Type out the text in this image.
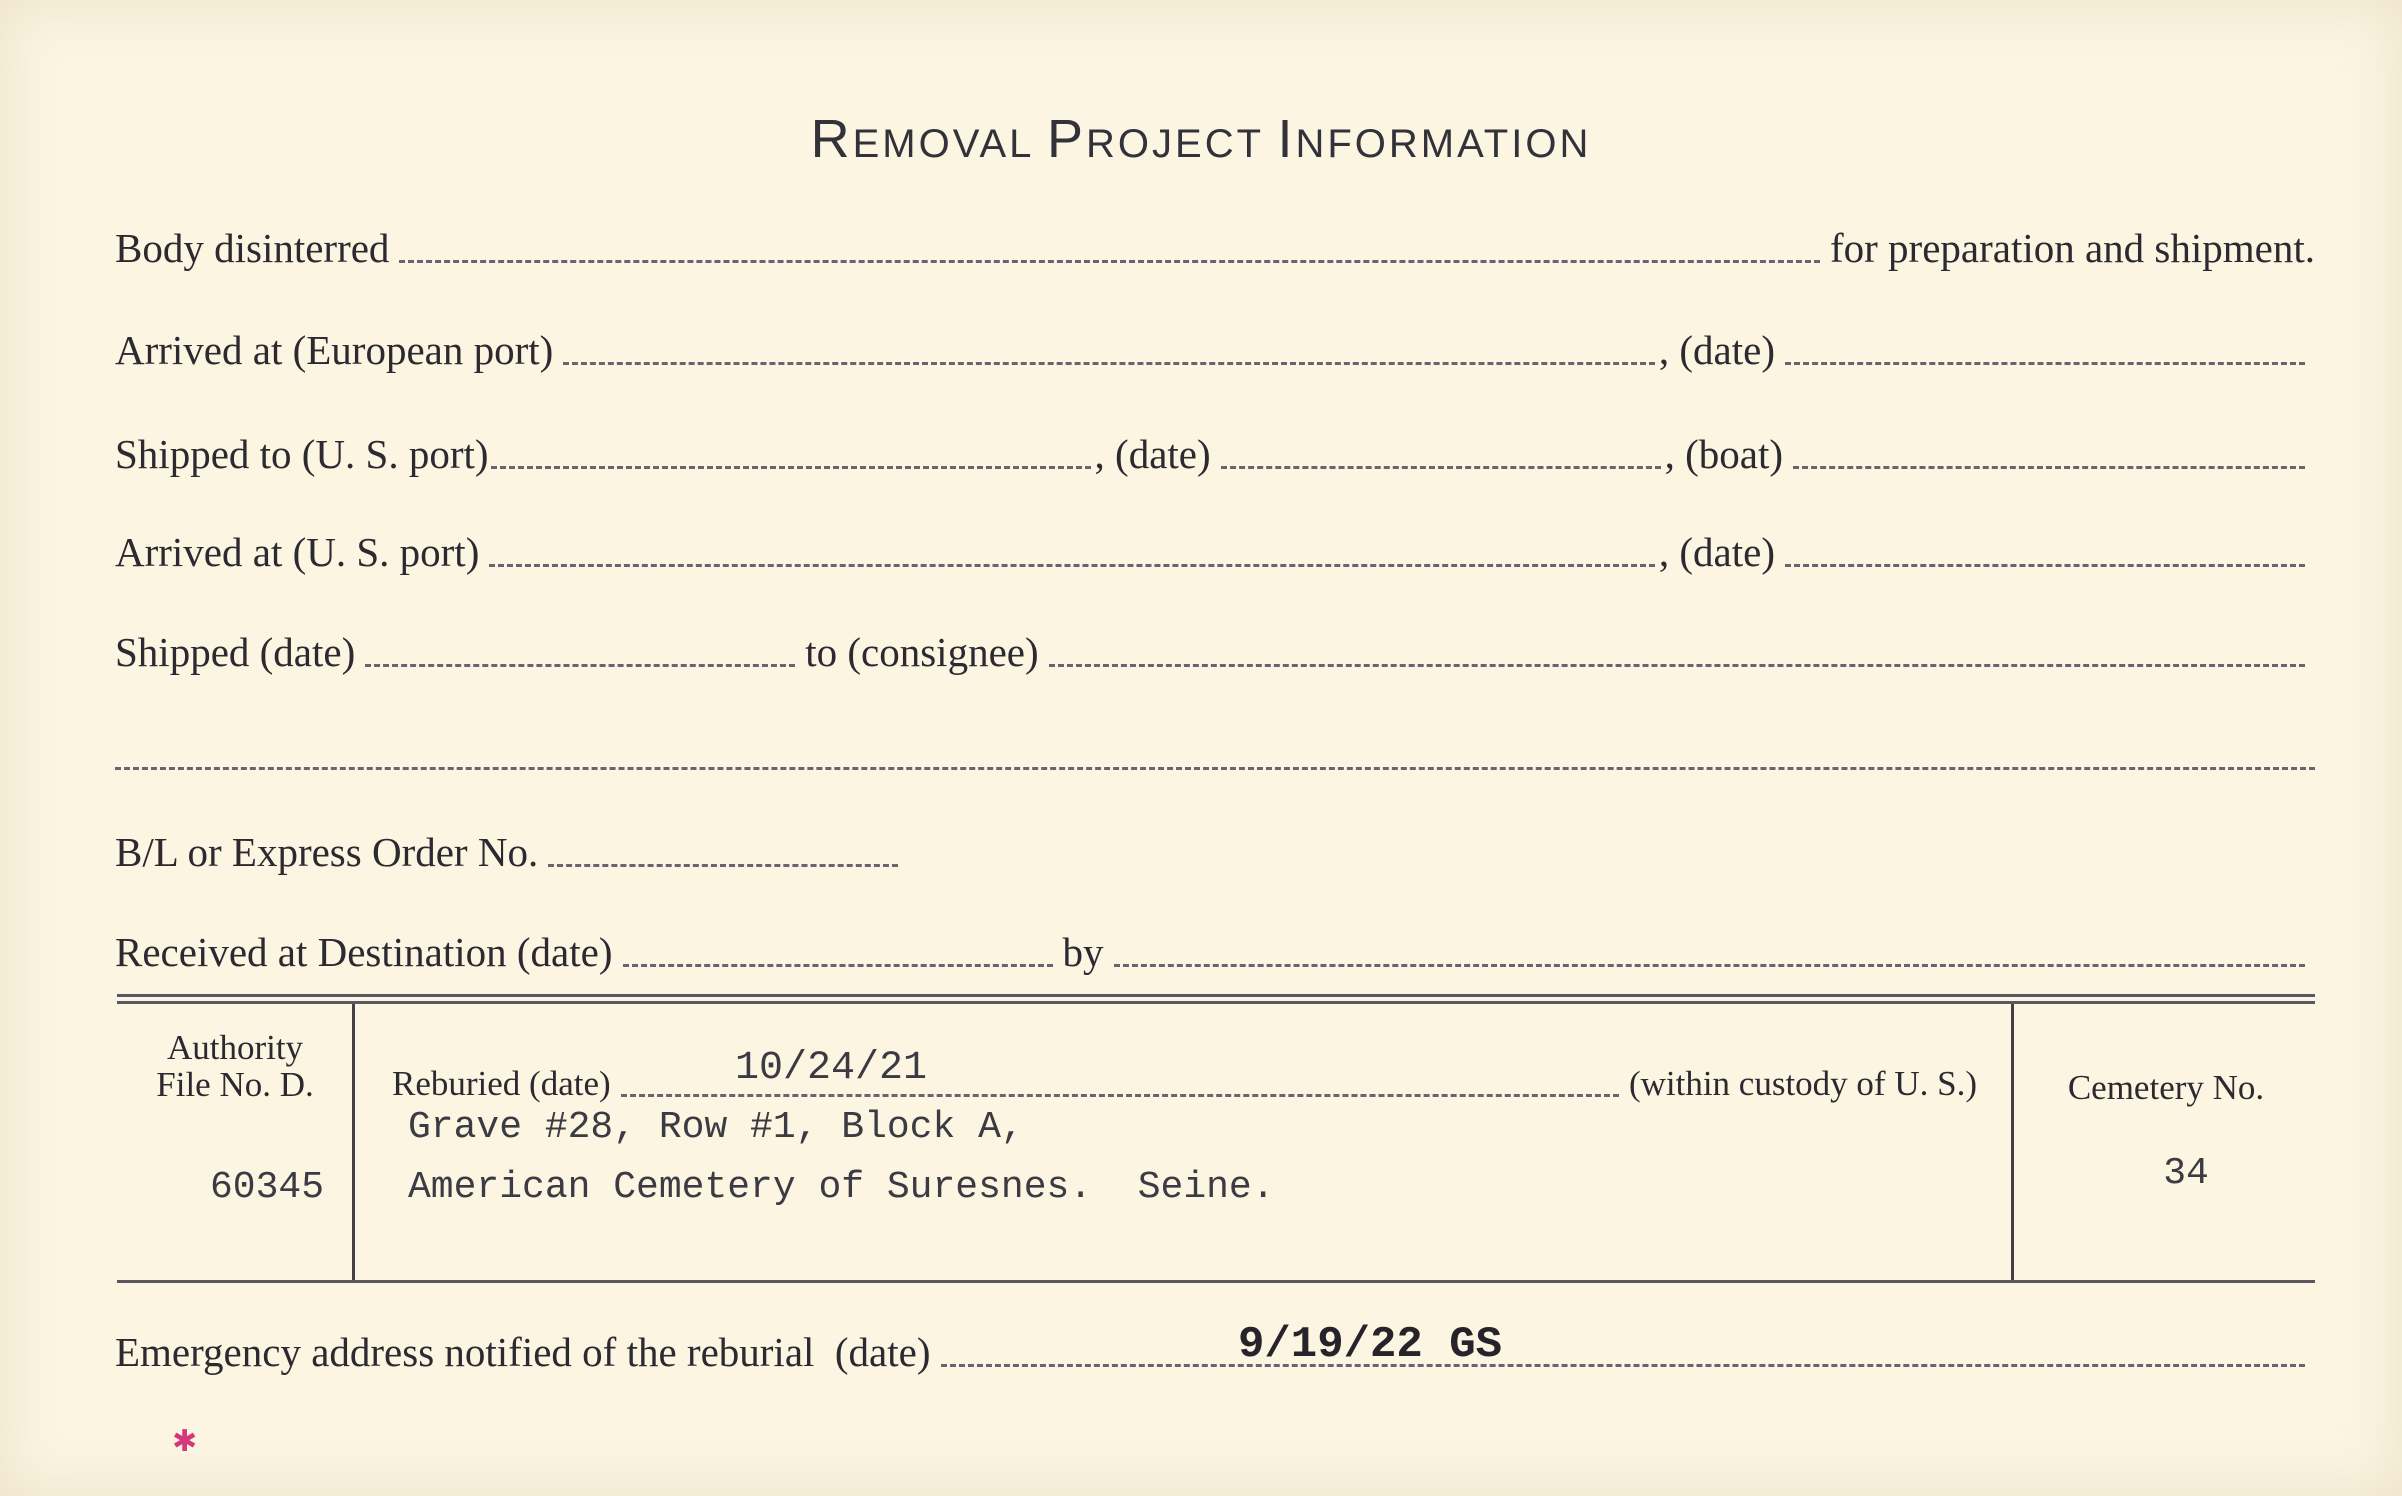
REMOVAL PROJECT INFORMATION
Body disinterred	for preparation and shipment.
Arrived at (European port)	, (date)
Shipped to (U. S. port)	, (date)	, (boat)
Arrived at (U. S. port)	, (date)
Shipped (date)	to (consignee)
B/L or Express Order No.
Received at Destination (date)	by
Authority
File No. D.
60345
Reburied (date)	(within custody of U. S.)
10/24/21
Grave #28, Row #1, Block A,
American Cemetery of Suresnes.  Seine.
Cemetery No.
34
Emergency address notified of the reburial  (date)	9/19/22 GS
✱
